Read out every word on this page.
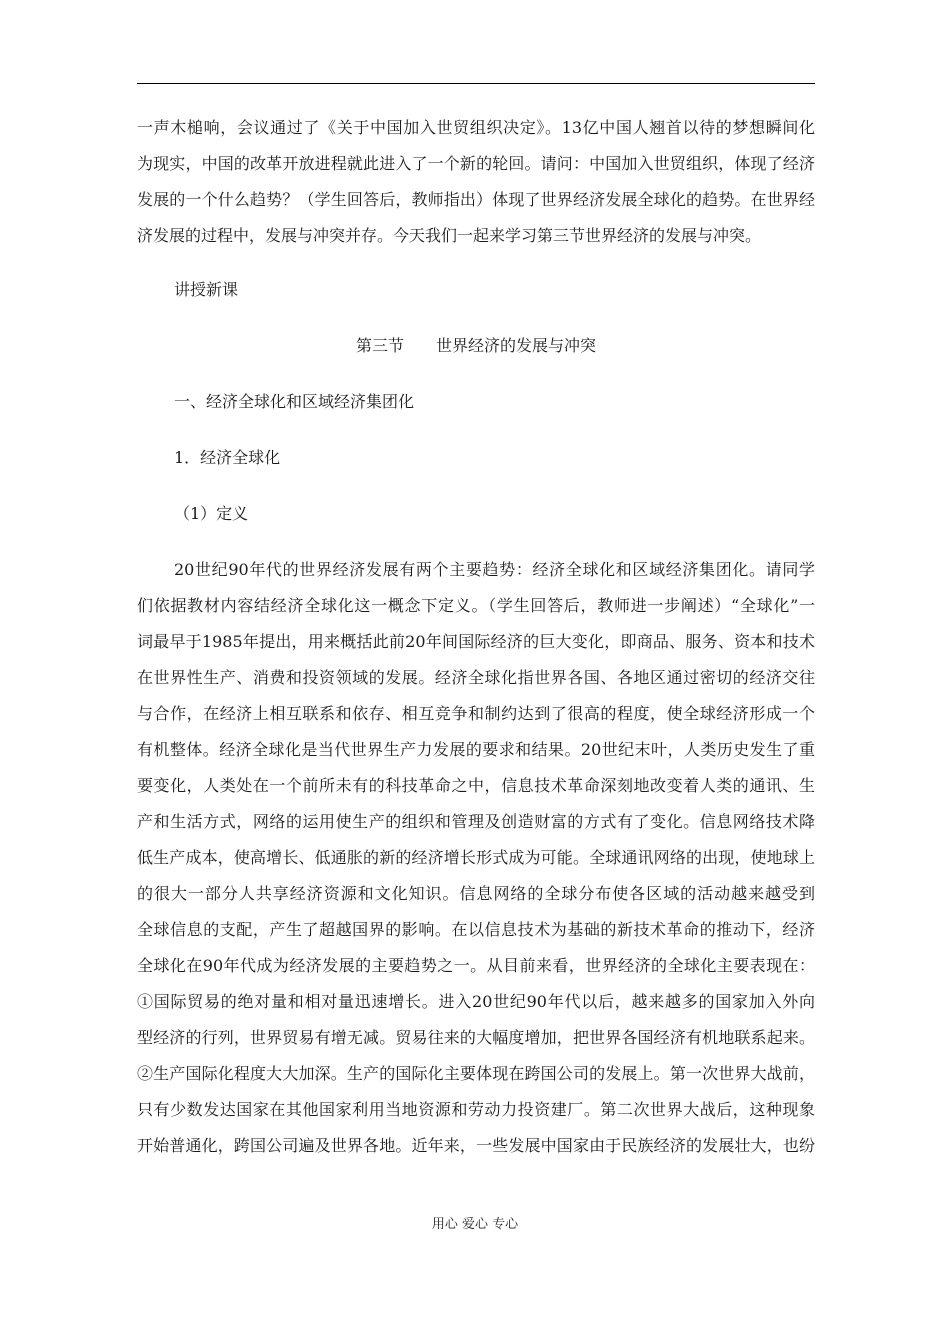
一声木槌响，会议通过了《关于中国加入世贸组织决定》。13亿中国人翘首以待的梦想瞬间化
为现实，中国的改革开放进程就此进入了一个新的轮回。请问：中国加入世贸组织，体现了经济
发展的一个什么趋势？（学生回答后，教师指出）体现了世界经济发展全球化的趋势。在世界经
济发展的过程中，发展与冲突并存。今天我们一起来学习第三节世界经济的发展与冲突。
讲授新课
第三节　　世界经济的发展与冲突
一、经济全球化和区域经济集团化
1．经济全球化
（1）定义
20世纪90年代的世界经济发展有两个主要趋势：经济全球化和区域经济集团化。请同学
们依据教材内容结经济全球化这一概念下定义。（学生回答后，教师进一步阐述）“全球化”一
词最早于1985年提出，用来概括此前20年间国际经济的巨大变化，即商品、服务、资本和技术
在世界性生产、消费和投资领域的发展。经济全球化指世界各国、各地区通过密切的经济交往
与合作，在经济上相互联系和依存、相互竞争和制约达到了很高的程度，使全球经济形成一个
有机整体。经济全球化是当代世界生产力发展的要求和结果。20世纪末叶，人类历史发生了重
要变化，人类处在一个前所未有的科技革命之中，信息技术革命深刻地改变着人类的通讯、生
产和生活方式，网络的运用使生产的组织和管理及创造财富的方式有了变化。信息网络技术降
低生产成本，使高增长、低通胀的新的经济增长形式成为可能。全球通讯网络的出现，使地球上
的很大一部分人共享经济资源和文化知识。信息网络的全球分布使各区域的活动越来越受到
全球信息的支配，产生了超越国界的影响。在以信息技术为基础的新技术革命的推动下，经济
全球化在90年代成为经济发展的主要趋势之一。从目前来看，世界经济的全球化主要表现在：
①国际贸易的绝对量和相对量迅速增长。进入20世纪90年代以后，越来越多的国家加入外向
型经济的行列，世界贸易有增无减。贸易往来的大幅度增加，把世界各国经济有机地联系起来。
②生产国际化程度大大加深。生产的国际化主要体现在跨国公司的发展上。第一次世界大战前，
只有少数发达国家在其他国家利用当地资源和劳动力投资建厂。第二次世界大战后，这种现象
开始普通化，跨国公司遍及世界各地。近年来，一些发展中国家由于民族经济的发展壮大，也纷
用心 爱心 专心
